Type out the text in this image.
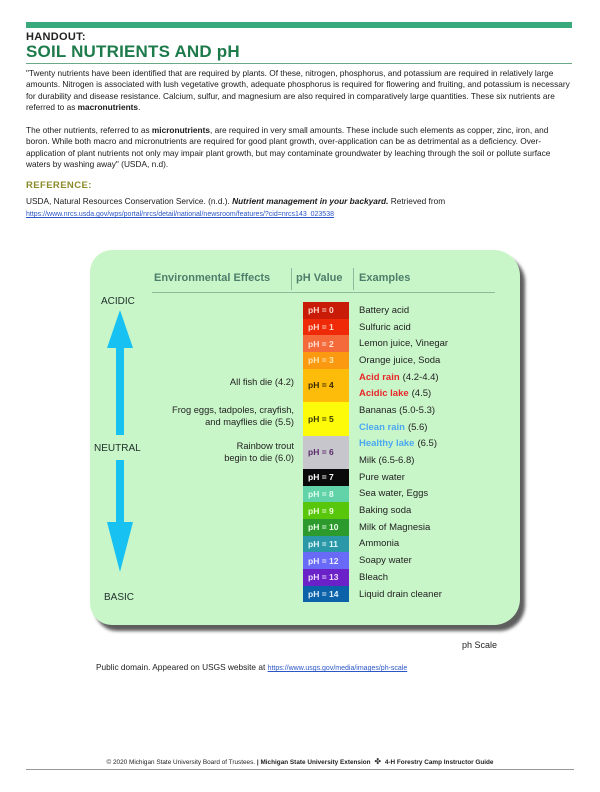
HANDOUT:
SOIL NUTRIENTS AND pH
"Twenty nutrients have been identified that are required by plants. Of these, nitrogen, phosphorus, and potassium are required in relatively large amounts. Nitrogen is associated with lush vegetative growth, adequate phosphorus is required for flowering and fruiting, and potassium is necessary for durability and disease resistance. Calcium, sulfur, and magnesium are also required in comparatively large quantities. These six nutrients are referred to as macronutrients.
The other nutrients, referred to as micronutrients, are required in very small amounts. These include such elements as copper, zinc, iron, and boron. While both macro and micronutrients are required for good plant growth, over-application can be as detrimental as a deficiency. Over-application of plant nutrients not only may impair plant growth, but may contaminate groundwater by leaching through the soil or pollute surface waters by washing away" (USDA, n.d).
REFERENCE:
USDA, Natural Resources Conservation Service. (n.d.). Nutrient management in your backyard. Retrieved from https://www.nrcs.usda.gov/wps/portal/nrcs/detail/national/newsroom/features/?cid=nrcs143_023538
Environmental Effects pH Value Examples
ACIDIC
NEUTRAL
BASIC
pH = 0
pH = 1
pH = 2
pH = 3
pH = 4
pH = 5
pH = 6
pH = 7
pH = 8
pH = 9
pH = 10
pH = 11
pH = 12
pH = 13
pH = 14
All fish die (4.2)
Frog eggs, tadpoles, crayfish,
and mayflies die (5.5)
Rainbow trout
begin to die (6.0)
Battery acid
Sulfuric acid
Lemon juice, Vinegar
Orange juice, Soda
Acid rain (4.2-4.4)
Acidic lake (4.5)
Bananas (5.0-5.3)
Clean rain (5.6)
Healthy lake (6.5)
Milk (6.5-6.8)
Pure water
Sea water, Eggs
Baking soda
Milk of Magnesia
Ammonia
Soapy water
Bleach
Liquid drain cleaner
ph Scale
Public domain. Appeared on USGS website at https://www.usgs.gov/media/images/ph-scale
© 2020 Michigan State University Board of Trustees. | Michigan State University Extension ✤ 4-H Forestry Camp Instructor Guide
